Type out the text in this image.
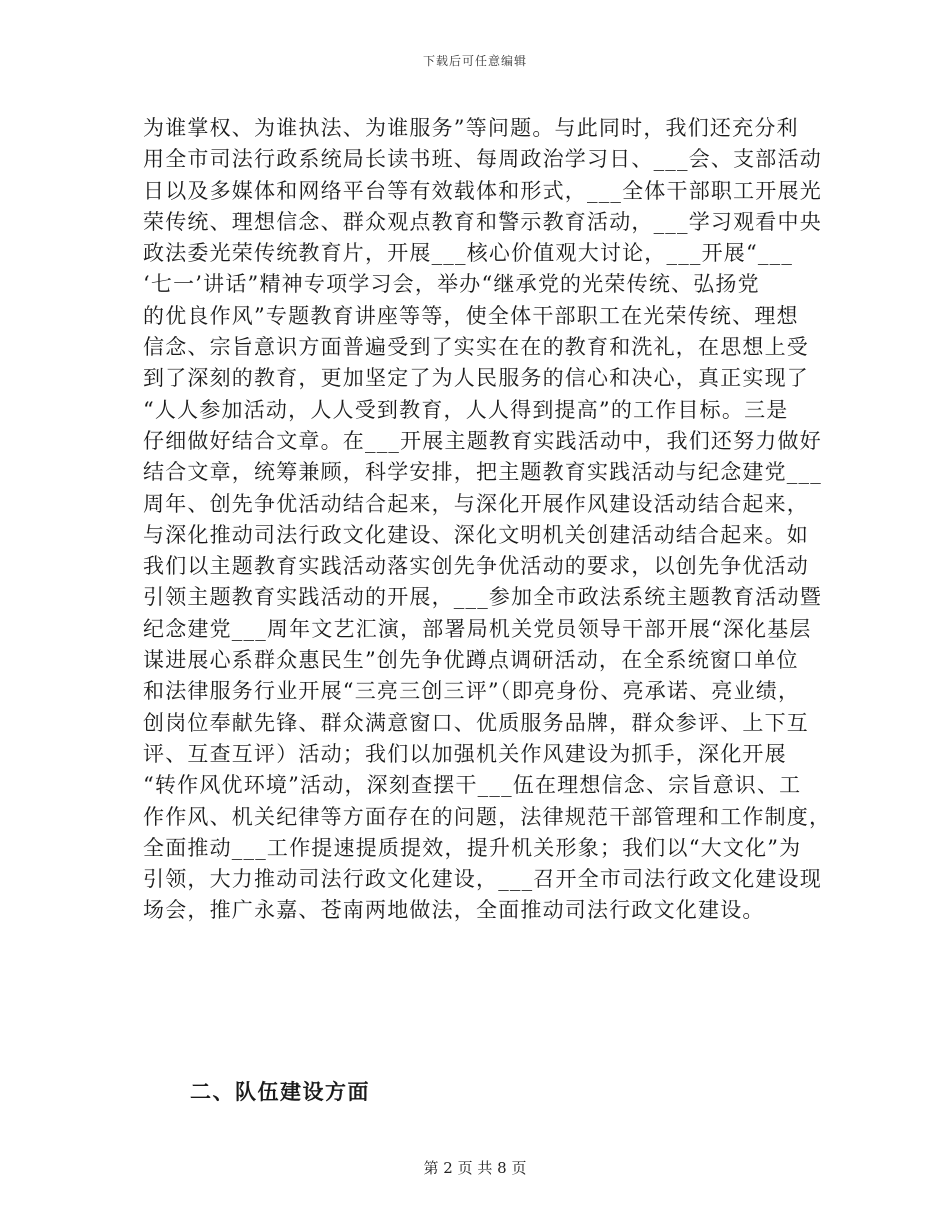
下载后可任意编辑
为谁掌权、为谁执法、为谁服务”等问题。与此同时，我们还充分利
用全市司法行政系统局长读书班、每周政治学习日、___会、支部活动
日以及多媒体和网络平台等有效载体和形式，___全体干部职工开展光
荣传统、理想信念、群众观点教育和警示教育活动，___学习观看中央
政法委光荣传统教育片，开展___核心价值观大讨论，___开展“___
‘七一’讲话”精神专项学习会，举办“继承党的光荣传统、弘扬党
的优良作风”专题教育讲座等等，使全体干部职工在光荣传统、理想
信念、宗旨意识方面普遍受到了实实在在的教育和洗礼，在思想上受
到了深刻的教育，更加坚定了为人民服务的信心和决心，真正实现了
“人人参加活动，人人受到教育，人人得到提高”的工作目标。三是
仔细做好结合文章。在___开展主题教育实践活动中，我们还努力做好
结合文章，统筹兼顾，科学安排，把主题教育实践活动与纪念建党___
周年、创先争优活动结合起来，与深化开展作风建设活动结合起来，
与深化推动司法行政文化建设、深化文明机关创建活动结合起来。如
我们以主题教育实践活动落实创先争优活动的要求，以创先争优活动
引领主题教育实践活动的开展，___参加全市政法系统主题教育活动暨
纪念建党___周年文艺汇演，部署局机关党员领导干部开展“深化基层
谋进展心系群众惠民生”创先争优蹲点调研活动，在全系统窗口单位
和法律服务行业开展“三亮三创三评”（即亮身份、亮承诺、亮业绩，
创岗位奉献先锋、群众满意窗口、优质服务品牌，群众参评、上下互
评、互查互评）活动；我们以加强机关作风建设为抓手，深化开展
“转作风优环境”活动，深刻查摆干___伍在理想信念、宗旨意识、工
作作风、机关纪律等方面存在的问题，法律规范干部管理和工作制度，
全面推动___工作提速提质提效，提升机关形象；我们以“大文化”为
引领，大力推动司法行政文化建设，___召开全市司法行政文化建设现
场会，推广永嘉、苍南两地做法，全面推动司法行政文化建设。
二、队伍建设方面
第 2 页 共 8 页
